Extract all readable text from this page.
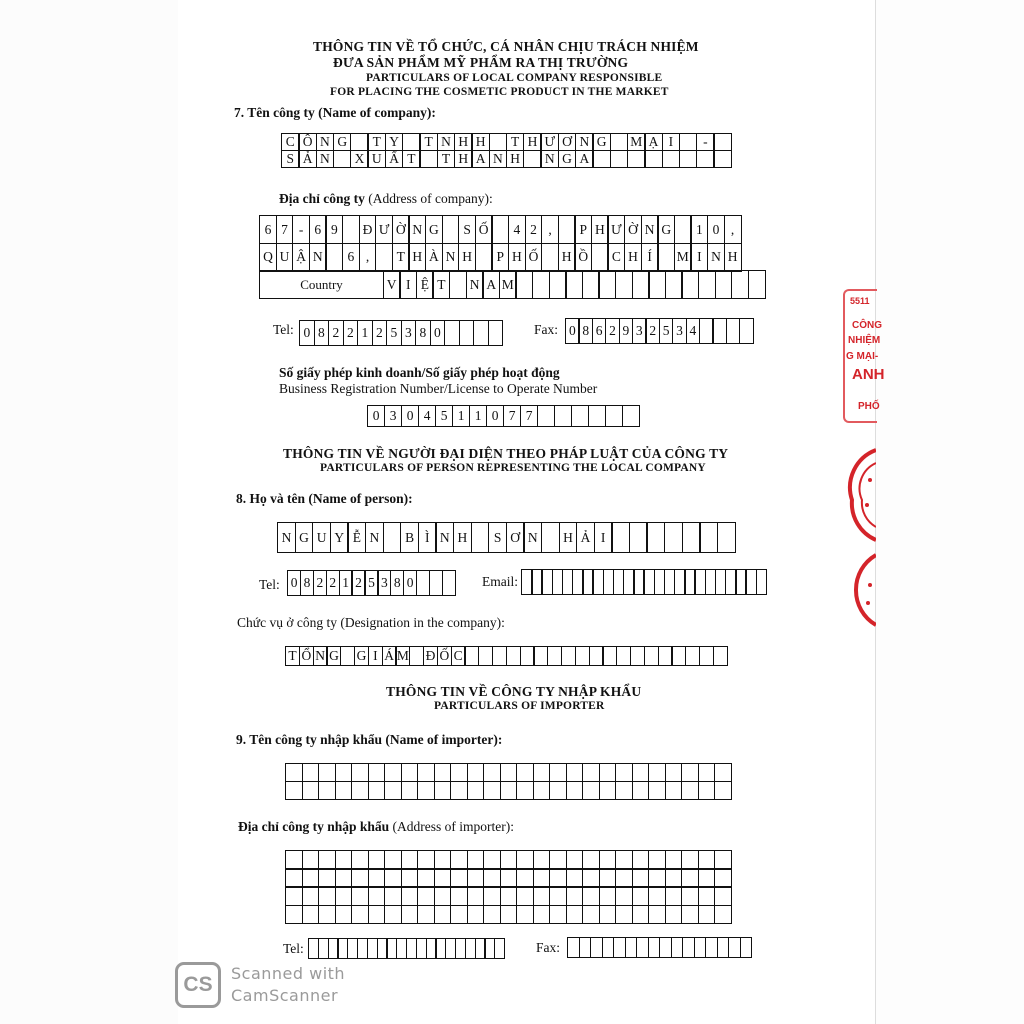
THÔNG TIN VỀ TỔ CHỨC, CÁ NHÂN CHỊU TRÁCH NHIỆM
ĐƯA SẢN PHẨM MỸ PHẨM RA THỊ TRƯỜNG
PARTICULARS OF LOCAL COMPANY RESPONSIBLE
FOR PLACING THE COSMETIC PRODUCT IN THE MARKET
7. Tên công ty (Name of company):
C Ô N G	T Y	T N H H	T H Ư Ơ N G	M Ạ I	-
S Ả N	X U Ấ T	T H A N H	N G A
Địa chỉ công ty (Address of company):
6 7 - 6 9	Đ Ư Ờ N G	S Ố	4 2 ,	P H Ư Ờ N G	1 0 ,
Q U Ậ N	6 ,	T H À N H	P H Ố	H Ồ	C H Í	M I N H
Country	V I Ệ T	N A M
Tel: 0 8 2 2 1 2 5 3 8 0	Fax: 0 8 6 2 9 3 2 5 3 4
Số giấy phép kinh doanh/Số giấy phép hoạt động
Business Registration Number/License to Operate Number
0 3 0 4 5 1 1 0 7 7
THÔNG TIN VỀ NGƯỜI ĐẠI DIỆN THEO PHÁP LUẬT CỦA CÔNG TY
PARTICULARS OF PERSON REPRESENTING THE LOCAL COMPANY
8. Họ và tên (Name of person):
N G U Y Ễ N	B Ì N H	S Ơ N	H Ả I
Tel: 0 8 2 2 1 2 5 3 8 0	Email:
Chức vụ ở công ty (Designation in the company):
T Ổ N G G I Á M Đ Ố C
THÔNG TIN VỀ CÔNG TY NHẬP KHẨU
PARTICULARS OF IMPORTER
9. Tên công ty nhập khẩu (Name of importer):
Địa chỉ công ty nhập khẩu (Address of importer):
Tel:	Fax:
5511
CÔNG
NHIỆM
G MẠI-
ANH
PHỐ
CS	Scanned with
CamScanner
